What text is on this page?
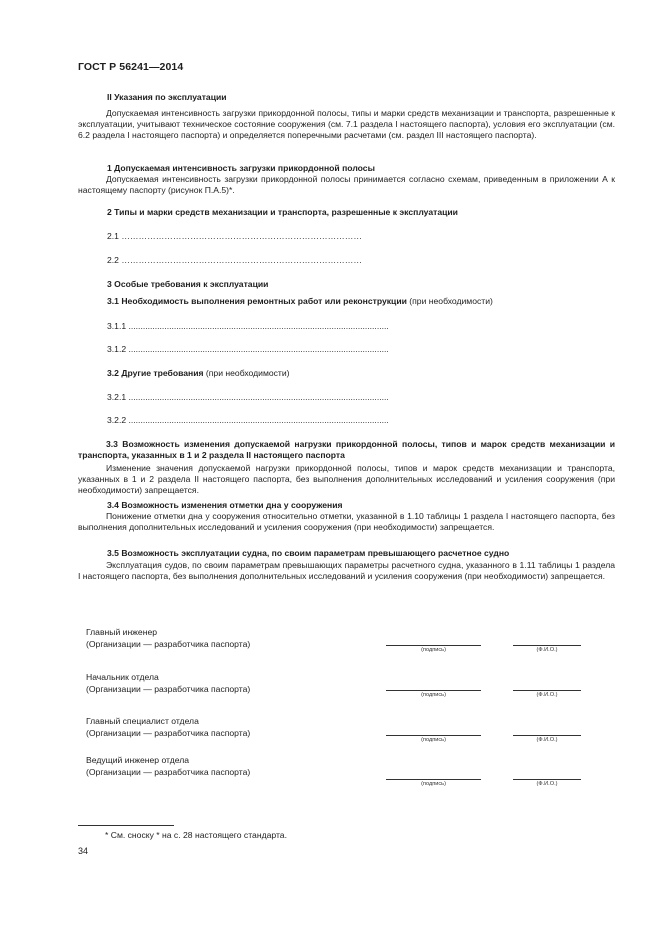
ГОСТ Р 56241—2014
II Указания по эксплуатации
Допускаемая интенсивность загрузки прикордонной полосы, типы и марки средств механизации и транспорта, разрешенные к эксплуатации, учитывают техническое состояние сооружения (см. 7.1 раздела I настоящего паспорта), условия его эксплуатации (см. 6.2 раздела I настоящего паспорта) и определяется поперечными расчетами (см. раздел III настоящего паспорта).
1 Допускаемая интенсивность загрузки прикордонной полосы
Допускаемая интенсивность загрузки прикордонной полосы принимается согласно схемам, приведенным в приложении А к настоящему паспорту (рисунок П.А.5)*.
2 Типы и марки средств механизации и транспорта, разрешенные к эксплуатации
2.1 …………………………………………………………………………
2.2 …………………………………………………………………………
3 Особые требования к эксплуатации
3.1 Необходимость выполнения ремонтных работ или реконструкции (при необходимости)
3.1.1 .............................................................................................................
3.1.2 .............................................................................................................
3.2 Другие требования (при необходимости)
3.2.1 .............................................................................................................
3.2.2 .............................................................................................................
3.3 Возможность изменения допускаемой нагрузки прикордонной полосы, типов и марок средств механизации и транспорта, указанных в 1 и 2 раздела II настоящего паспорта
Изменение значения допускаемой нагрузки прикордонной полосы, типов и марок средств механизации и транспорта, указанных в 1 и 2 раздела II настоящего паспорта, без выполнения дополнительных исследований и усиления сооружения (при необходимости) запрещается.
3.4 Возможность изменения отметки дна у сооружения
Понижение отметки дна у сооружения относительно отметки, указанной в 1.10 таблицы 1 раздела I настоящего паспорта, без выполнения дополнительных исследований и усиления сооружения (при необходимости) запрещается.
3.5 Возможность эксплуатации судна, по своим параметрам превышающего расчетное судно
Эксплуатация судов, по своим параметрам превышающих параметры расчетного судна, указанного в 1.11 таблицы 1 раздела I настоящего паспорта, без выполнения дополнительных исследований и усиления сооружения (при необходимости) запрещается.
Главный инженер
(Организации — разработчика паспорта)
(подпись)	(Ф.И.О.)
Начальник отдела
(Организации — разработчика паспорта)
(подпись)	(Ф.И.О.)
Главный специалист отдела
(Организации — разработчика паспорта)
(подпись)	(Ф.И.О.)
Ведущий инженер отдела
(Организации — разработчика паспорта)
(подпись)	(Ф.И.О.)
* См. сноску * на с. 28 настоящего стандарта.
34
